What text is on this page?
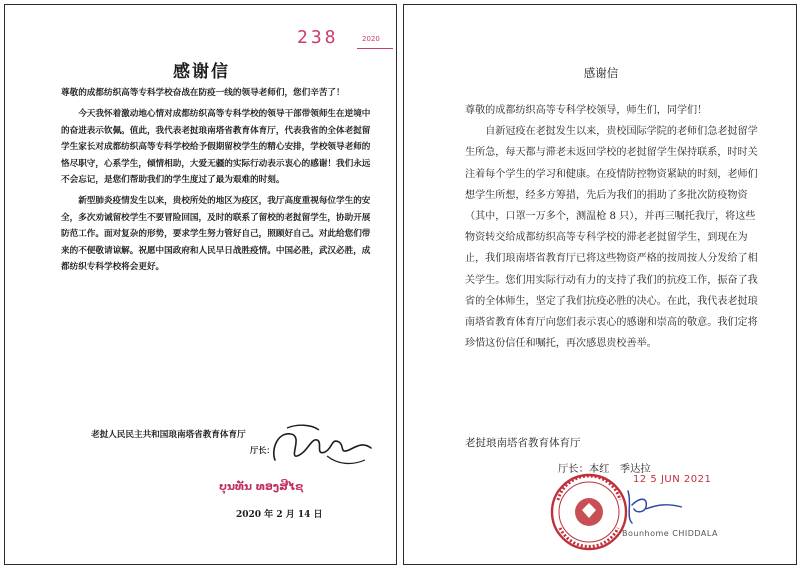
238	2020
感谢信

尊敬的成都纺织高等专科学校奋战在防疫一线的领导老师们，您们辛苦了！

今天我怀着激动地心情对成都纺织高等专科学校的领导干部带领师生在逆境中的奋进表示钦佩。值此，我代表老挝琅南塔省教育体育厅，代表我省的全体老挝留学生家长对成都纺织高等专科学校给予假期留校学生的精心安排，学校领导老师的恪尽职守，心系学生，倾情相助，大爱无疆的实际行动表示衷心的感谢！我们永远不会忘记，是您们帮助我们的学生度过了最为艰难的时刻。

新型肺炎疫情发生以来，贵校所处的地区为疫区，我厅高度重视每位学生的安全，多次劝诫留校学生不要冒险回国，及时的联系了留校的老挝留学生，协助开展防范工作。面对复杂的形势，要求学生努力管好自己，照顾好自己。对此给您们带来的不便敬请谅解。祝愿中国政府和人民早日战胜疫情。中国必胜，武汉必胜，成都纺织专科学校将会更好。

老挝人民民主共和国琅南塔省教育体育厅
厅长：
ບຸນທັນ ທອງສີໄຊ
2020 年 2 月 14 日
感谢信

尊敬的成都纺织高等专科学校领导，师生们，同学们！

自新冠疫在老挝发生以来，贵校国际学院的老师们急老挝留学生所急，每天都与滞老未返回学校的老挝留学生保持联系，时时关注着每个学生的学习和健康。在疫情防控物资紧缺的时刻，老师们想学生所想，经多方筹措，先后为我们的捐助了多批次防疫物资（其中，口罩一万多个，测温枪 8 只），并再三嘱托我厅，将这些物资转交给成都纺织高等专科学校的滞老老挝留学生，到现在为止，我们琅南塔省教育厅已将这些物资严格的按周按人分发给了相关学生。您们用实际行动有力的支持了我们的抗疫工作，振奋了我省的全体师生，坚定了我们抗疫必胜的决心。在此，我代表老挝琅南塔省教育体育厅向您们表示衷心的感谢和崇高的敬意。我们定将珍惜这份信任和嘱托，再次感恩贵校善举。

老挝琅南塔省教育体育厅
厅长：本红　季达拉
12 5 JUN 2021
Bounhome CHIDDALA
